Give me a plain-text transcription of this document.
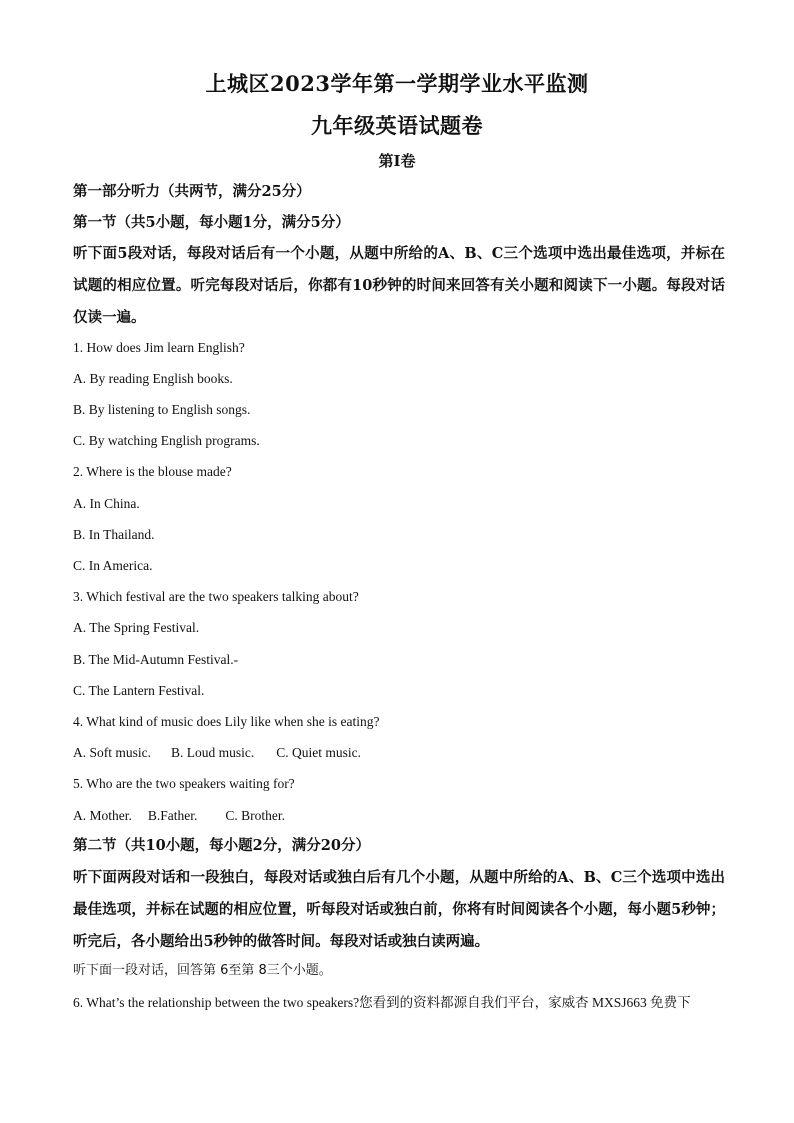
上城区2023学年第一学期学业水平监测
九年级英语试题卷
第I卷
第一部分听力（共两节，满分25分）
第一节（共5小题，每小题1分，满分5分）
听下面5段对话，每段对话后有一个小题，从题中所给的A、B、C三个选项中选出最佳选项，并标在试题的相应位置。听完每段对话后，你都有10秒钟的时间来回答有关小题和阅读下一小题。每段对话仅读一遍。
1. How does Jim learn English?
A. By reading English books.
B. By listening to English songs.
C. By watching English programs.
2. Where is the blouse made?
A. In China.
B. In Thailand.
C. In America.
3. Which festival are the two speakers talking about?
A. The Spring Festival.
B. The Mid-Autumn Festival.-
C. The Lantern Festival.
4. What kind of music does Lily like when she is eating?
A. Soft music. B. Loud music. C. Quiet music.
5. Who are the two speakers waiting for?
A. Mother. B.Father. C. Brother.
第二节（共10小题，每小题2分，满分20分）
听下面两段对话和一段独白，每段对话或独白后有几个小题，从题中所给的A、B、C三个选项中选出最佳选项，并标在试题的相应位置，听每段对话或独白前，你将有时间阅读各个小题，每小题5秒钟；听完后，各小题给出5秒钟的做答时间。每段对话或独白读两遍。
听下面一段对话，回答第 6至第 8三个小题。
6. What’s the relationship between the two speakers?您看到的资料都源自我们平台，家威杏 MXSJ663 免费下
